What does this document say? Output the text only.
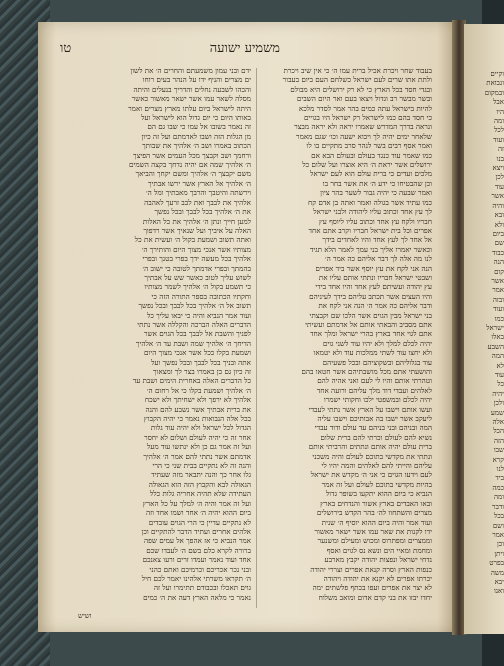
משמיע ישועה
טו
בעבוד שחר ויכרת אכיל ברית עמו ה׳ כי אין שיב ויכרת
ולתת אתו שרים לעם ישראל כשלחם העם ביום בעבור
ובגדי חסד בכל הארץ כי לא רק ירושלים היא מבולם
ובשר מבשר רב וגדול ויצאו בעם ואר היום השבים
להיות בישראל עתה כמים בהר אמר לסדר מלכא
כי חסד בהם כמו לישראל רק ישראל היו בגויים
ונראה בדרך המדרש שאמרו יראה ולא יראה מבצר
שלאחר ימים יהיה לך ויבוא ישעה וכו׳ שגם מאמר
ואמר אסף רבים בשר לנהר סרב מתקיים בו לו
כמו שאמר עוד כנגד בעולם ובעולם הבא אם
ירושלים אשר יראת ה׳ היא אוצרו ועל שלום כל
מלכים ועדים כי ברית עולם הוא לעם ישראל
וכן שהבטיחו כי ידע ה׳ את אשר בחר בו
ואמר שבעה כי יהיה גבור לשער בהר ציון
כמו עתיד אשר בגולה ואמר ואתה בן אדם קח
לך עץ אחד וכתוב עליו ליהודה ולבני ישראל
חבריו ולקח עץ אחד וכתוב עליו ליוסף עץ
אפרים וכל בית ישראל חבריו וקרב אתם אחד
אל אחד לך לעץ אחד והיו לאחדים בידך
וכאשר יאמרו אליך בני עמך לאמר הלא תגיד
לנו מה אלה לך דבר אליהם כה אמר ה׳
הנה אני לקח את עץ יוסף אשר ביד אפרים
ושבטי ישראל חבריו ונתתי אותם עליו את
עץ יהודה ועשיתם לעץ אחד והיו אחד בידי
והיו העצים אשר תכתב עליהם בידך לעיניהם
ודבר אליהם כה אמר ה׳ הנה אני לקח את
בני ישראל מבין הגוים אשר הלכו שם וקבצתי
אתם מסביב והבאתי אותם אל אדמתם ועשיתי
אתם לגוי אחד בארץ בהרי ישראל ומלך אחד
יהיה לכלם למלך ולא יהיו עוד לשני גוים
ולא יחצו עוד לשתי ממלכות עוד ולא יטמאו
עוד בגלוליהם ובשקוציהם ובכל פשעיהם
והושעתי אתם מכל מושבתיהם אשר חטאו בהם
וטהרתי אותם והיו לי לעם ואני אהיה להם
לאלהים ועבדי דוד מלך עליהם ורועה אחד
יהיה לכלם ובמשפטי ילכו וחקותי ישמרו
ועשו אותם וישבו על הארץ אשר נתתי לעבדי
ליעקב אשר ישבו בה אבותיכם וישבו עליה
המה ובניהם ובני בניהם עד עולם ודוד עבדי
נשיא להם לעולם וכרתי להם ברית שלום
ברית עולם יהיה אותם ונתתים והרביתי אותם
ונתתי את מקדשי בתוכם לעולם והיה משכני
עליהם והייתי להם לאלהים והמה יהיו לי
לעם וידעו הגוים כי אני ה׳ מקדש את ישראל
בהיות מקדשי בתוכם לעולם ועל זה אמר
הנביא כי ביום ההוא יתקעו בשופר גדול
ובאו האבדים בארץ אשור והנדחים בארץ
מצרים והשתחוו לה׳ בהר הקדש בירושלים
ועוד אמר והיה ביום ההוא יוסיף ה׳ שנית
ידו לקנות את שאר עמו אשר ישאר מאשור
וממצרים ומפתרוס ומכוש ומעילם ומשנער
ומחמת ומאיי הים ונשא נס לגוים ואסף
נדחי ישראל ונפצות יהודה יקבץ מארבע
כנפות הארץ וסרה קנאת אפרים וצררי יהודה
יכרתו אפרים לא יקנא את יהודה ויהודה
לא יצר את אפרים ועפו בכתף פלשתים ימה
יחדו יבזו את בני קדם אדום ומואב משלוח
ידם ובני עמון משמעתם והחרים ה׳ את לשון
ים מצרים והניף ידו על הנהר בעים רוחו
והכהו לשבעה נחלים והדריך בנעלים והיתה
מסלה לשאר עמו אשר ישאר מאשור כאשר
היתה לישראל ביום עלתו מארץ מצרים ואמר
באותו היום כי יום גדול הוא לישראל ועל
זה נאמר בשובו אל עמו כי שבו גם הם
מן הגלות הזה ושבו לאדמתם ועל זה כיון
הכתוב באמרו ושב ה׳ אלהיך את שבותך
ורחמך ושב וקבצך מכל העמים אשר הפיצך
ה׳ אלהיך שמה אם יהיה נדחך בקצה השמים
משם יקבצך ה׳ אלהיך ומשם יקחך והביאך
ה׳ אלהיך אל הארץ אשר ירשו אבתיך
וירשתה והיטבך והרבך מאבתיך ומל ה׳
אלהיך את לבבך ואת לבב זרעך לאהבה
את ה׳ אלהיך בכל לבבך ובכל נפשך
למען חייך ונתן ה׳ אלהיך את כל האלות
האלה על איביך ועל שנאיך אשר רדפוך
ואתה תשוב ושמעת בקול ה׳ ועשית את כל
מצותיו אשר אנכי מצוך היום והותירך ה׳
אלהיך בכל מעשה ידך בפרי בטנך ובפרי
בהמתך ובפרי אדמתך לטובה כי ישוב ה׳
לשוש עליך לטוב כאשר שש על אבתיך
כי תשמע בקול ה׳ אלהיך לשמר מצותיו
וחקתיו הכתובה בספר התורה הזה כי
תשוב אל ה׳ אלהיך בכל לבבך ובכל נפשך
ועוד אמר הנביא והיה כי יבאו עליך כל
הדברים האלה הברכה והקללה אשר נתתי
לפניך והשבת אל לבבך בכל הגוים אשר
הדיחך ה׳ אלהיך שמה ושבת עד ה׳ אלהיך
ושמעת בקלו ככל אשר אנכי מצוך היום
אתה ובניך בכל לבבך ובכל נפשך ועל
זה כיון גם כן באמרו בצר לך ומצאוך
כל הדברים האלה באחרית הימים ושבת עד
ה׳ אלהיך ושמעת בקלו כי אל רחום ה׳
אלהיך לא ירפך ולא ישחיתך ולא ישכח
את ברית אבתיך אשר נשבע להם והנה
בכל אלה הנבואות נאמר כי יהיה הקבוץ
הגדול לכל ישראל ולא יהיה עוד גלות
אחר זה כי יהיה לעולם ושלום לא יחסר
ועל זה אמר גם כן ולא ינתשו עוד מעל
אדמתם אשר נתתי להם אמר ה׳ אלהיך
והנה זה לא נתקיים בבית שני כי הרי
גלו אחר כך והנה יתבאר מזה שעתיד
הגאולה לבא והקבוץ הזה הוא הגאולה
העתידה שלא תהיה אחריה גלות כלל
ועל זה אמר והיה ה׳ למלך על כל הארץ
ביום ההוא יהיה ה׳ אחד ושמו אחד וזה
לא נתקיים עדיין כי הרי הגוים עובדים
אלהים אחרים ועתיד הדבר להתקיים וכן
אמר הנביא כי אז אהפך אל עמים שפה
ברורה לקרא כלם בשם ה׳ לעבדו שכם
אחד ועוד נאמר ועמדו זרים ורעו צאנכם
ובני נכר אכריכם וכרמיכם ואתם כהני
ה׳ תקראו משרתי אלהינו יאמר לכם חיל
גוים תאכלו ובכבודם תתימרו ועל זה
נאמר כי מלאה הארץ דעה את ה׳ כמים
ושיש
וקיים
ונבואת
ובמקום
אבל
היו
ומה
לכל
ועוד
זה
בנו
ויצא
לכן
עוד
אשר
והיה
ובא
ולא
ביום
שם
כבוד
הנה
קום
אשר
אמר
ובזה
ועוד
כמו
ישראל
באלו
השבע
המה
לא
עוד
כל
יהיה
ולכן
שמע
אלה
הכל
הזה
שבו
קרא
לנו
ביד
כמה
ומה
ודבר
בכל
ושם
אמר
וכן
ויתן
בפרט
משה
יבא
ואנו
